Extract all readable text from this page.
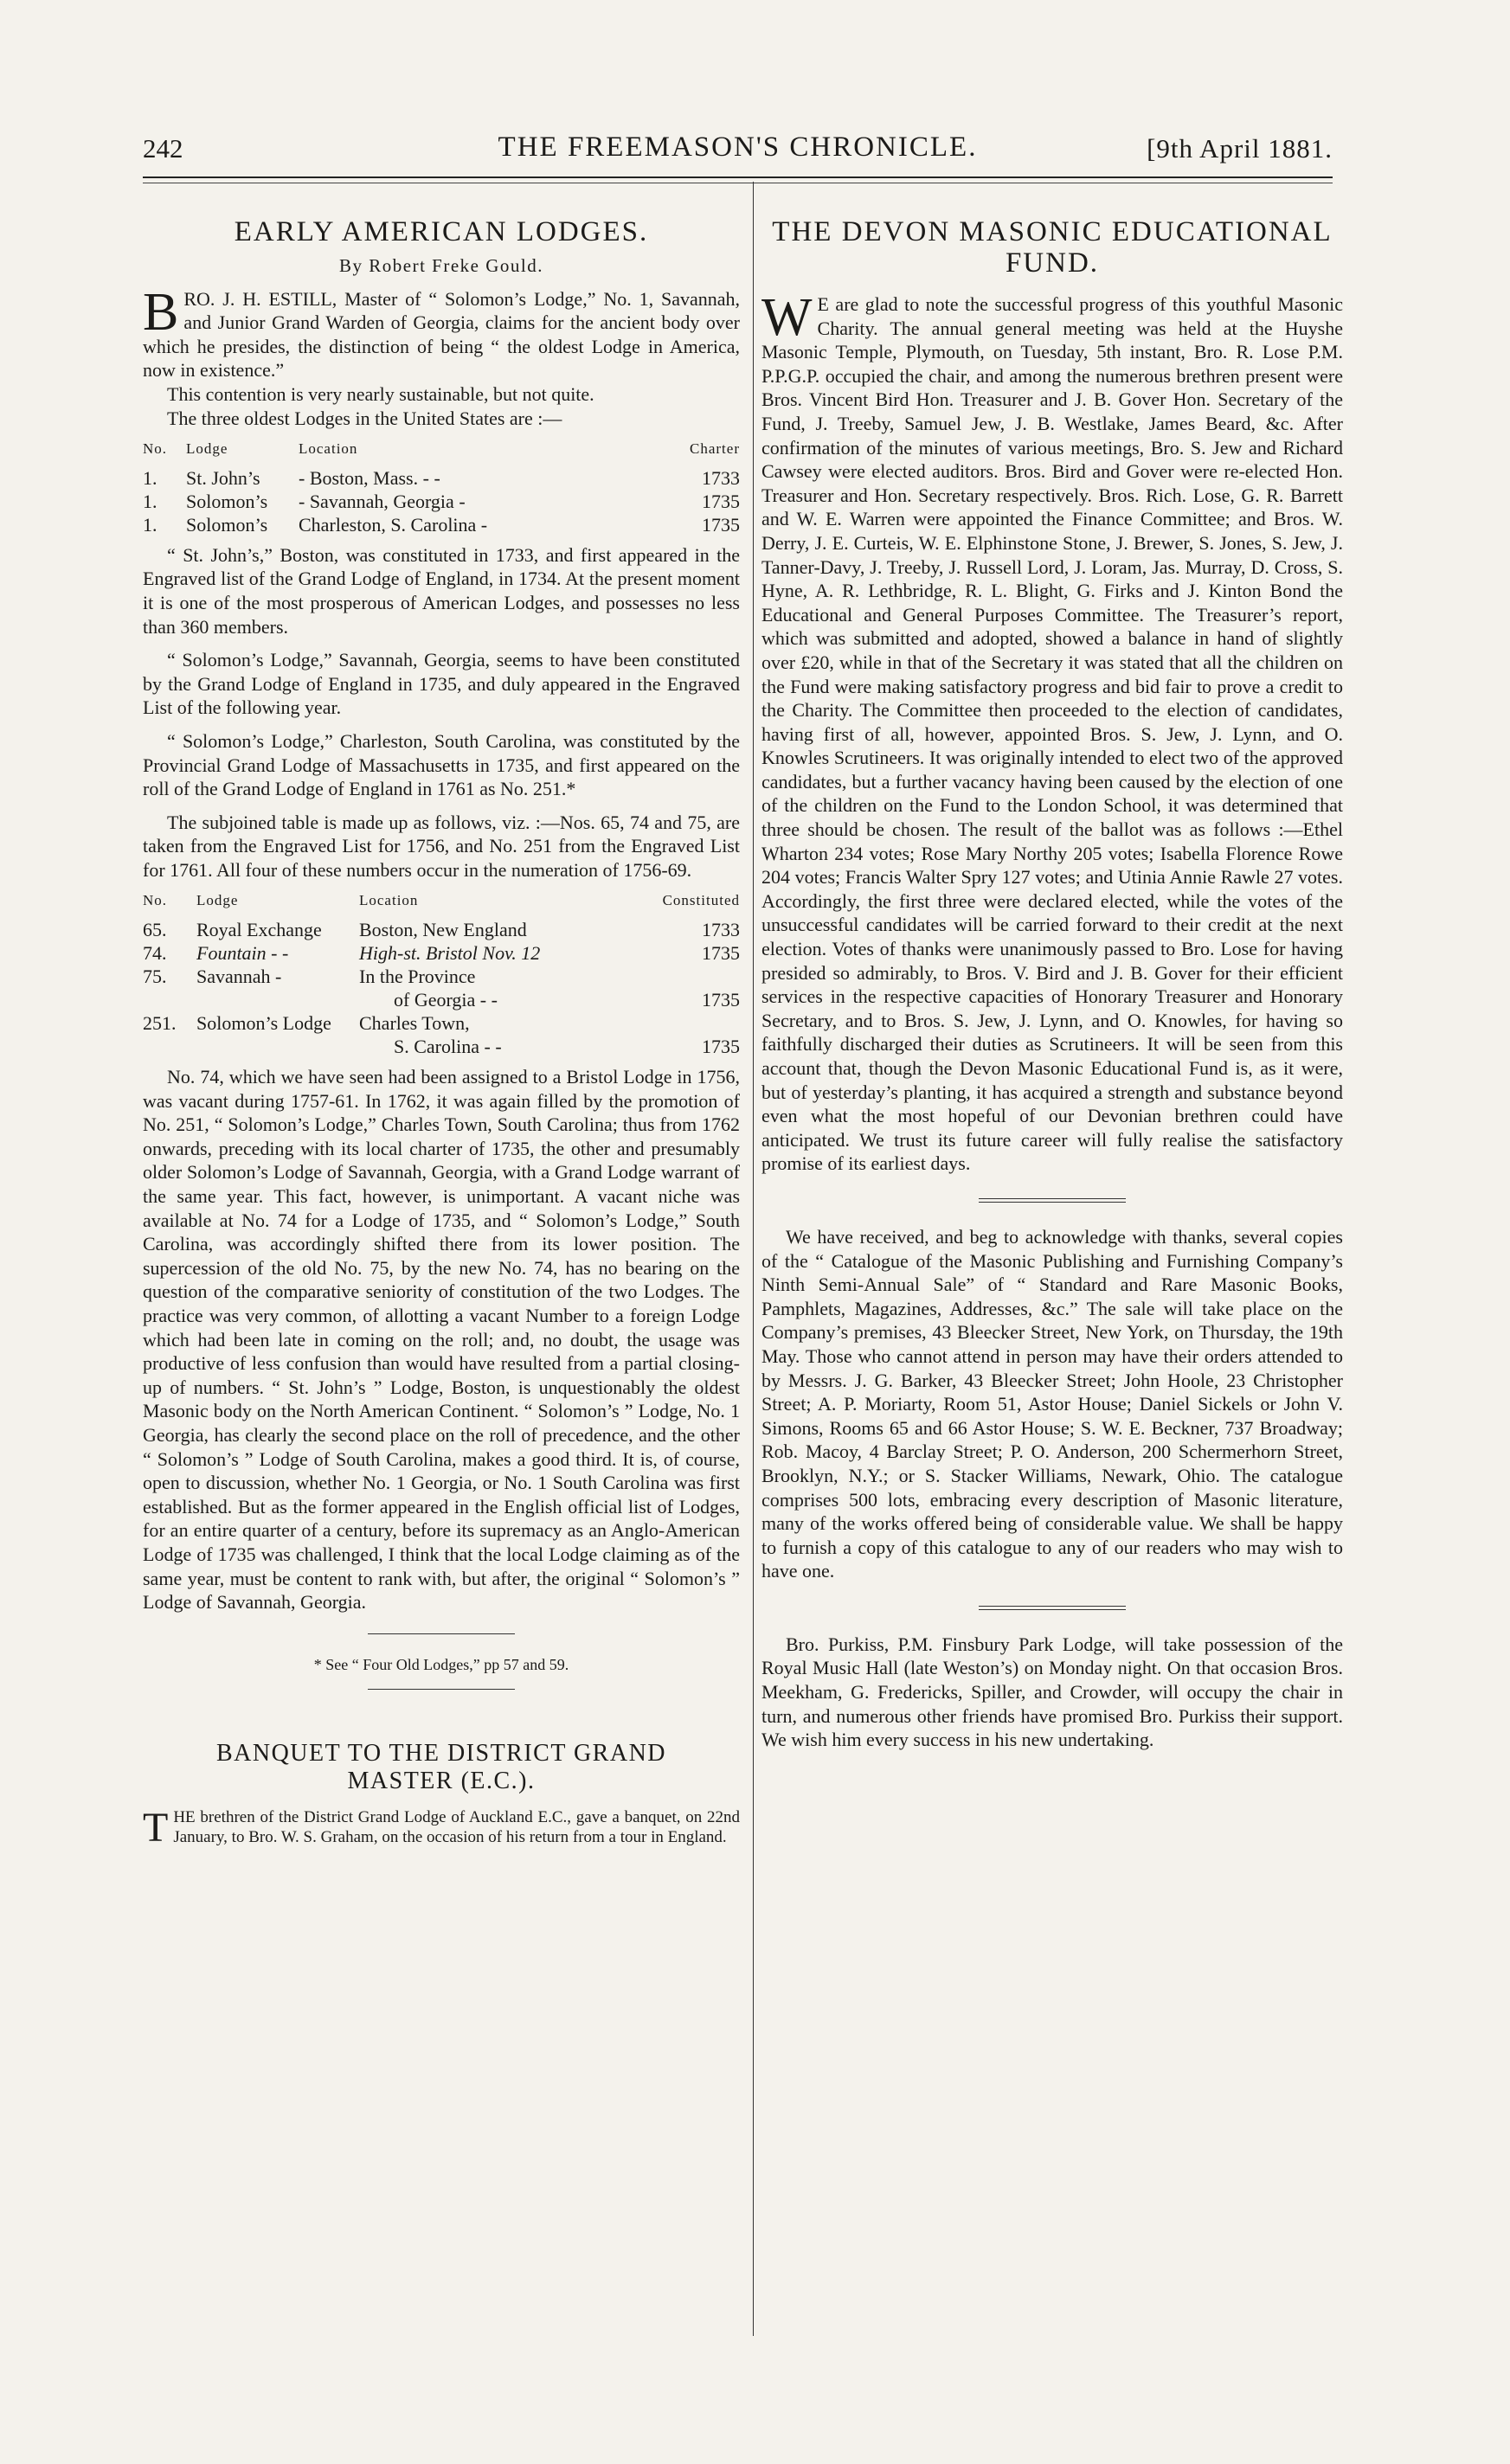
242	THE FREEMASON'S CHRONICLE.	[9th April 1881.
EARLY AMERICAN LODGES.
By Robert Freke Gould.

BRO. J. H. ESTILL, Master of “ Solomon’s Lodge,” No. 1, Savannah, and Junior Grand Warden of Georgia, claims for the ancient body over which he presides, the distinction of being “ the oldest Lodge in America, now in existence.”

This contention is very nearly sustainable, but not quite.

The three oldest Lodges in the United States are :—

No.	Lodge	Location	Charter
1.	St. John’s	- Boston, Mass. - -	1733
1.	Solomon’s	- Savannah, Georgia -	1735
1.	Solomon’s	Charleston, S. Carolina -	1735

“ St. John’s,” Boston, was constituted in 1733, and first appeared in the Engraved list of the Grand Lodge of England, in 1734. At the present moment it is one of the most prosperous of American Lodges, and possesses no less than 360 members.

“ Solomon’s Lodge,” Savannah, Georgia, seems to have been constituted by the Grand Lodge of England in 1735, and duly appeared in the Engraved List of the following year.

“ Solomon’s Lodge,” Charleston, South Carolina, was constituted by the Provincial Grand Lodge of Massachusetts in 1735, and first appeared on the roll of the Grand Lodge of England in 1761 as No. 251.*

The subjoined table is made up as follows, viz. :—Nos. 65, 74 and 75, are taken from the Engraved List for 1756, and No. 251 from the Engraved List for 1761. All four of these numbers occur in the numeration of 1756-69.

No.	Lodge	Location	Constituted
65.	Royal Exchange	Boston, New England	1733
74.	Fountain - -	High-st. Bristol Nov. 12	1735
75.	Savannah -	In the Province	
		of Georgia - -	1735
251.	Solomon’s Lodge	Charles Town,	
		S. Carolina - -	1735

No. 74, which we have seen had been assigned to a Bristol Lodge in 1756, was vacant during 1757-61. In 1762, it was again filled by the promotion of No. 251, “ Solomon’s Lodge,” Charles Town, South Carolina; thus from 1762 onwards, preceding with its local charter of 1735, the other and presumably older Solomon’s Lodge of Savannah, Georgia, with a Grand Lodge warrant of the same year. This fact, however, is unimportant. A vacant niche was available at No. 74 for a Lodge of 1735, and “ Solomon’s Lodge,” South Carolina, was accordingly shifted there from its lower position. The supercession of the old No. 75, by the new No. 74, has no bearing on the question of the comparative seniority of constitution of the two Lodges. The practice was very common, of allotting a vacant Number to a foreign Lodge which had been late in coming on the roll; and, no doubt, the usage was productive of less confusion than would have resulted from a partial closing-up of numbers. “ St. John’s ” Lodge, Boston, is unquestionably the oldest Masonic body on the North American Continent. “ Solomon’s ” Lodge, No. 1 Georgia, has clearly the second place on the roll of precedence, and the other “ Solomon’s ” Lodge of South Carolina, makes a good third. It is, of course, open to discussion, whether No. 1 Georgia, or No. 1 South Carolina was first established. But as the former appeared in the English official list of Lodges, for an entire quarter of a century, before its supremacy as an Anglo-American Lodge of 1735 was challenged, I think that the local Lodge claiming as of the same year, must be content to rank with, but after, the original “ Solomon’s ” Lodge of Savannah, Georgia.

* See “ Four Old Lodges,” pp 57 and 59.
BANQUET TO THE DISTRICT GRAND
MASTER (E.C.).

THE brethren of the District Grand Lodge of Auckland E.C., gave a banquet, on 22nd January, to Bro. W. S. Graham, on the occasion of his return from a tour in England.

THE DEVON MASONIC EDUCATIONAL
FUND.

W E are glad to note the successful progress of this youthful Masonic Charity. The annual general meeting was held at the Huyshe Masonic Temple, Plymouth, on Tuesday, 5th instant, Bro. R. Lose P.M. P.P.G.P. occupied the chair, and among the numerous brethren present were Bros. Vincent Bird Hon. Treasurer and J. B. Gover Hon. Secretary of the Fund, J. Treeby, Samuel Jew, J. B. Westlake, James Beard, &c. After confirmation of the minutes of various meetings, Bro. S. Jew and Richard Cawsey were elected auditors. Bros. Bird and Gover were re-elected Hon. Treasurer and Hon. Secretary respectively. Bros. Rich. Lose, G. R. Barrett and W. E. Warren were appointed the Finance Committee; and Bros. W. Derry, J. E. Curteis, W. E. Elphinstone Stone, J. Brewer, S. Jones, S. Jew, J. Tanner-Davy, J. Treeby, J. Russell Lord, J. Loram, Jas. Murray, D. Cross, S. Hyne, A. R. Lethbridge, R. L. Blight, G. Firks and J. Kinton Bond the Educational and General Purposes Committee. The Treasurer’s report, which was submitted and adopted, showed a balance in hand of slightly over £20, while in that of the Secretary it was stated that all the children on the Fund were making satisfactory progress and bid fair to prove a credit to the Charity. The Committee then proceeded to the election of candidates, having first of all, however, appointed Bros. S. Jew, J. Lynn, and O. Knowles Scrutineers. It was originally intended to elect two of the approved candidates, but a further vacancy having been caused by the election of one of the children on the Fund to the London School, it was determined that three should be chosen. The result of the ballot was as follows :—Ethel Wharton 234 votes; Rose Mary Northy 205 votes; Isabella Florence Rowe 204 votes; Francis Walter Spry 127 votes; and Utinia Annie Rawle 27 votes. Accordingly, the first three were declared elected, while the votes of the unsuccessful candidates will be carried forward to their credit at the next election. Votes of thanks were unanimously passed to Bro. Lose for having presided so admirably, to Bros. V. Bird and J. B. Gover for their efficient services in the respective capacities of Honorary Treasurer and Honorary Secretary, and to Bros. S. Jew, J. Lynn, and O. Knowles, for having so faithfully discharged their duties as Scrutineers. It will be seen from this account that, though the Devon Masonic Educational Fund is, as it were, but of yesterday’s planting, it has acquired a strength and substance beyond even what the most hopeful of our Devonian brethren could have anticipated. We trust its future career will fully realise the satisfactory promise of its earliest days.

We have received, and beg to acknowledge with thanks, several copies of the “ Catalogue of the Masonic Publishing and Furnishing Company’s Ninth Semi-Annual Sale” of “ Standard and Rare Masonic Books, Pamphlets, Magazines, Addresses, &c.” The sale will take place on the Company’s premises, 43 Bleecker Street, New York, on Thursday, the 19th May. Those who cannot attend in person may have their orders attended to by Messrs. J. G. Barker, 43 Bleecker Street; John Hoole, 23 Christopher Street; A. P. Moriarty, Room 51, Astor House; Daniel Sickels or John V. Simons, Rooms 65 and 66 Astor House; S. W. E. Beckner, 737 Broadway; Rob. Macoy, 4 Barclay Street; P. O. Anderson, 200 Schermerhorn Street, Brooklyn, N.Y.; or S. Stacker Williams, Newark, Ohio. The catalogue comprises 500 lots, embracing every description of Masonic literature, many of the works offered being of considerable value. We shall be happy to furnish a copy of this catalogue to any of our readers who may wish to have one.

Bro. Purkiss, P.M. Finsbury Park Lodge, will take possession of the Royal Music Hall (late Weston’s) on Monday night. On that occasion Bros. Meekham, G. Fredericks, Spiller, and Crowder, will occupy the chair in turn, and numerous other friends have promised Bro. Purkiss their support. We wish him every success in his new undertaking.
